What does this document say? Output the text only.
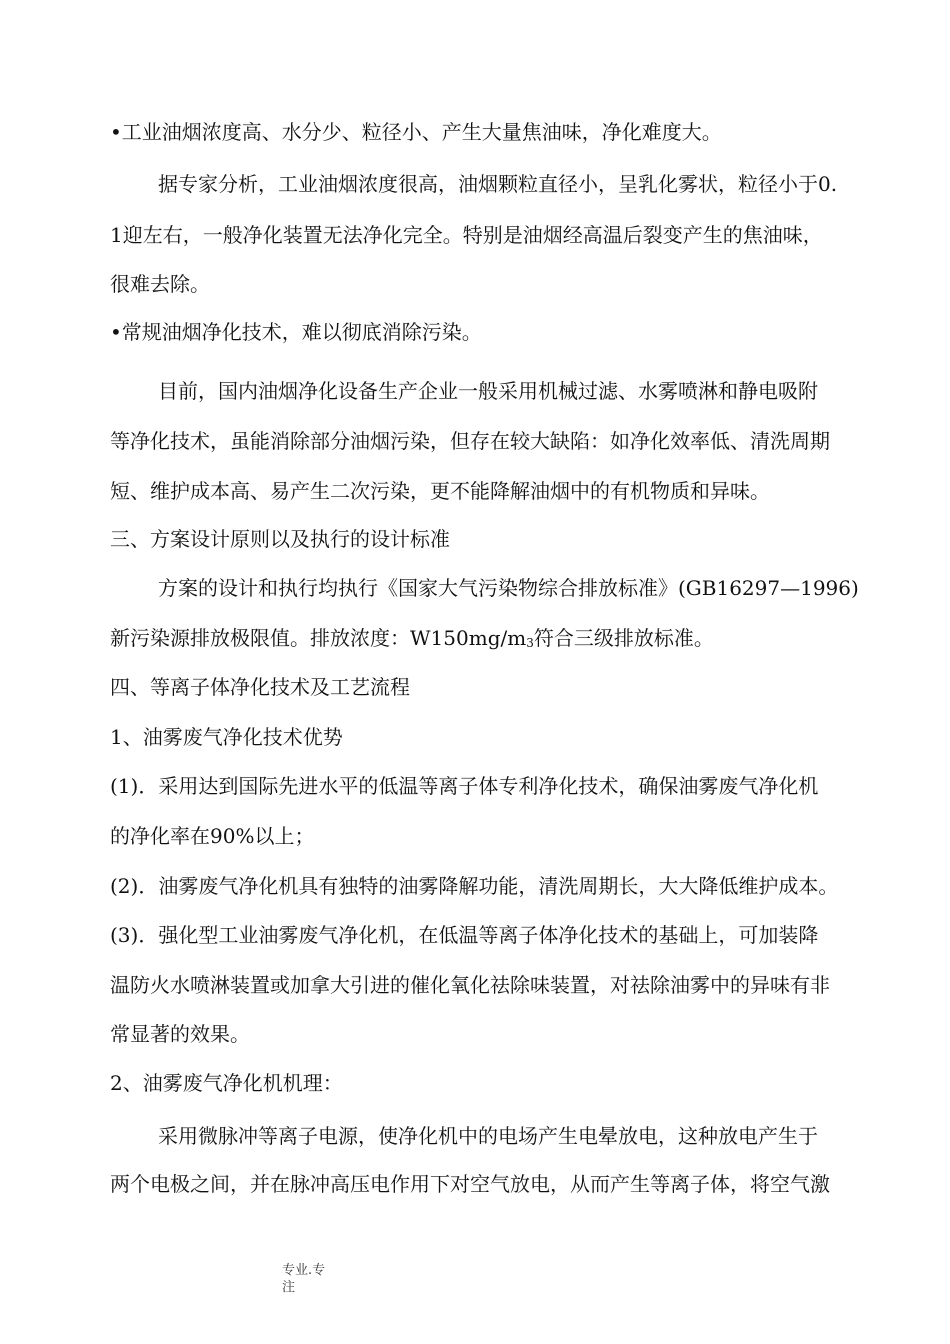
•工业油烟浓度高、水分少、粒径小、产生大量焦油味，净化难度大。
据专家分析，工业油烟浓度很高，油烟颗粒直径小，呈乳化雾状，粒径小于0.
1迎左右，一般净化装置无法净化完全。特别是油烟经高温后裂变产生的焦油味，
很难去除。
•常规油烟净化技术，难以彻底消除污染。
目前，国内油烟净化设备生产企业一般采用机械过滤、水雾喷淋和静电吸附
等净化技术，虽能消除部分油烟污染，但存在较大缺陷：如净化效率低、清洗周期
短、维护成本高、易产生二次污染，更不能降解油烟中的有机物质和异味。
三、方案设计原则以及执行的设计标准
方案的设计和执行均执行《国家大气污染物综合排放标准》(GB16297—1996)
新污染源排放极限值。排放浓度：$W150mg/m_3$符合三级排放标准。
四、等离子体净化技术及工艺流程
1、油雾废气净化技术优势
(1)．采用达到国际先进水平的低温等离子体专利净化技术，确保油雾废气净化机
的净化率在90%以上；
(2)．油雾废气净化机具有独特的油雾降解功能，清洗周期长，大大降低维护成本。
(3)．强化型工业油雾废气净化机，在低温等离子体净化技术的基础上，可加装降
温防火水喷淋装置或加拿大引进的催化氧化祛除味装置，对祛除油雾中的异味有非
常显著的效果。
2、油雾废气净化机机理：
采用微脉冲等离子电源，使净化机中的电场产生电晕放电，这种放电产生于
两个电极之间，并在脉冲高压电作用下对空气放电，从而产生等离子体，将空气激
专业.专
注
